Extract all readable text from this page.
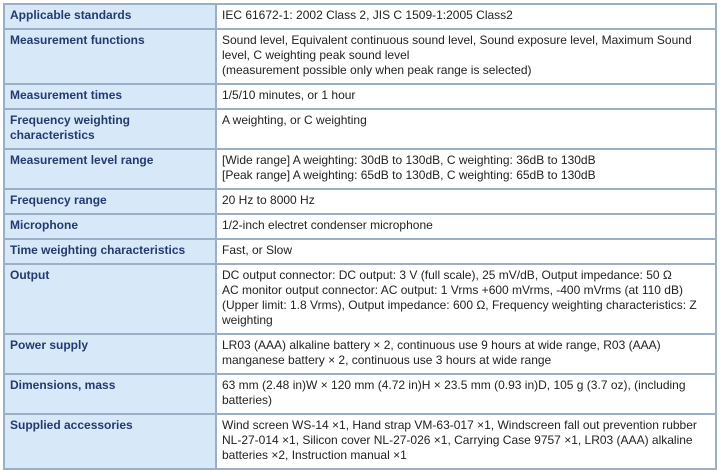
Applicable standards	IEC 61672-1: 2002 Class 2, JIS C 1509-1:2005 Class2

Measurement functions	Sound level, Equivalent continuous sound level, Sound exposure level, Maximum Sound level, C weighting peak sound level
(measurement possible only when peak range is selected)

Measurement times	1/5/10 minutes, or 1 hour

Frequency weighting characteristics	A weighting, or C weighting

Measurement level range	[Wide range] A weighting: 30dB to 130dB, C weighting: 36dB to 130dB
[Peak range] A weighting: 65dB to 130dB, C weighting: 65dB to 130dB

Frequency range	20 Hz to 8000 Hz

Microphone	1/2-inch electret condenser microphone

Time weighting characteristics	Fast, or Slow

Output	DC output connector: DC output: 3 V (full scale), 25 mV/dB, Output impedance: 50 Ω
AC monitor output connector: AC output: 1 Vrms +600 mVrms, -400 mVrms (at 110 dB) (Upper limit: 1.8 Vrms), Output impedance: 600 Ω, Frequency weighting characteristics: Z weighting

Power supply	LR03 (AAA) alkaline battery × 2, continuous use 9 hours at wide range, R03 (AAA) manganese battery × 2, continuous use 3 hours at wide range

Dimensions, mass	63 mm (2.48 in)W × 120 mm (4.72 in)H × 23.5 mm (0.93 in)D, 105 g (3.7 oz), (including batteries)

Supplied accessories	Wind screen WS-14 ×1, Hand strap VM-63-017 ×1, Windscreen fall out prevention rubber NL-27-014 ×1, Silicon cover NL-27-026 ×1, Carrying Case 9757 ×1, LR03 (AAA) alkaline batteries ×2, Instruction manual ×1
